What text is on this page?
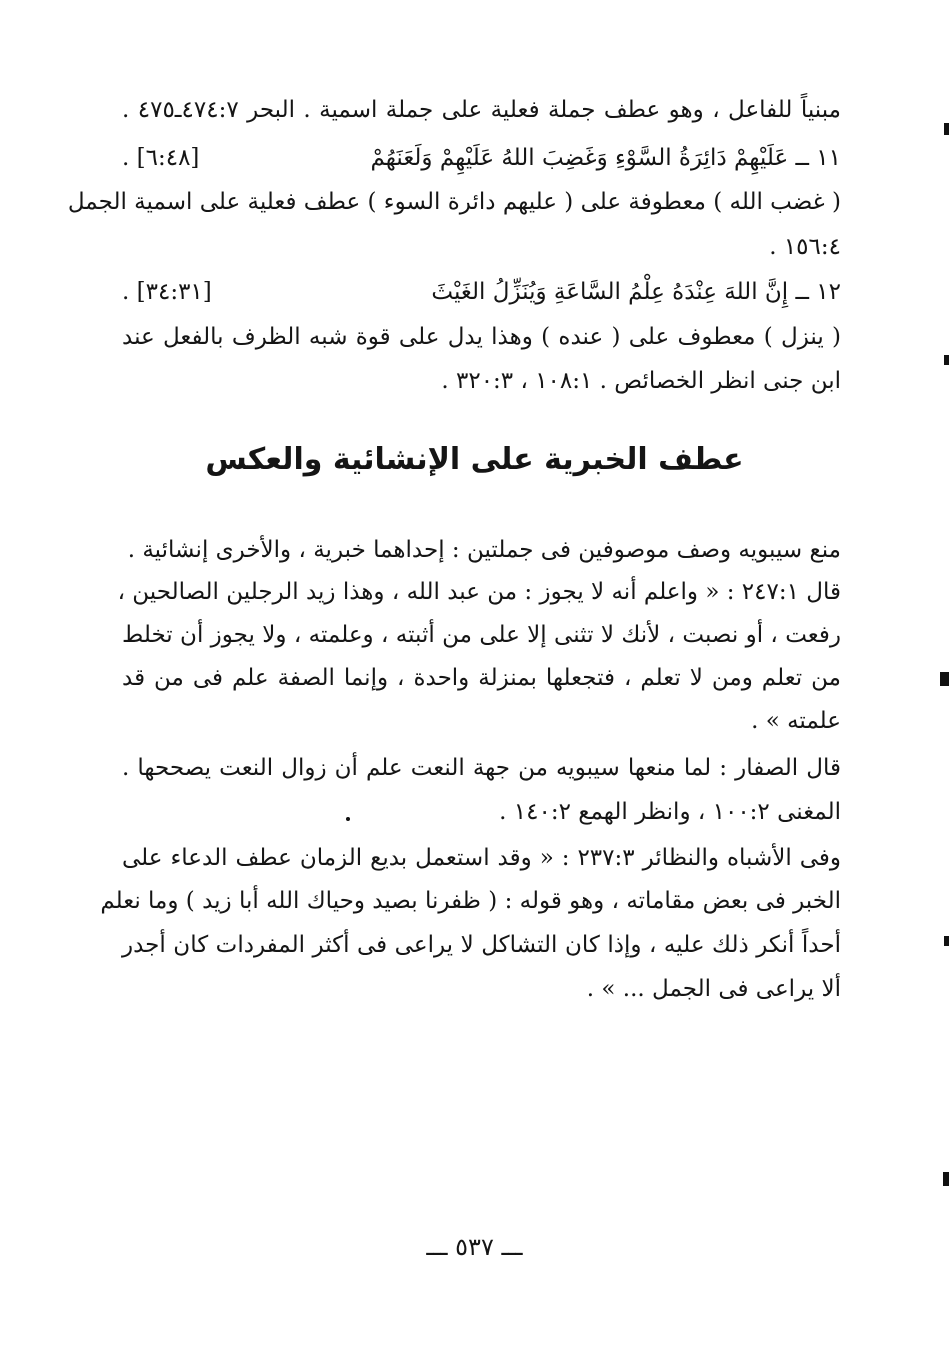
مبنياً للفاعل ، وهو عطف جملة فعلية على جملة اسمية . البحر ٤٧٤:٧ـ٤٧٥ .
١١ ــ عَلَيْهِمْ دَائِرَةُ السَّوْءِ وَغَضِبَ اللهُ عَلَيْهِمْ وَلَعَنَهُمْ
[٦:٤٨] .
( غضب الله ) معطوفة على ( عليهم دائرة السوء ) عطف فعلية على اسمية الجمل
١٥٦:٤ .
١٢ ــ إِنَّ اللهَ عِنْدَهُ عِلْمُ السَّاعَةِ وَيُنَزِّلُ الغَيْثَ
[٣٤:٣١] .
( ينزل ) معطوف على ( عنده ) وهذا يدل على قوة شبه الظرف بالفعل عند
ابن جنى انظر الخصائص . ١٠٨:١ ، ٣٢٠:٣ .
عطف الخبرية على الإنشائية والعكس
منع سيبويه وصف موصوفين فى جملتين : إحداهما خبرية ، والأخرى إنشائية .
قال ٢٤٧:١ : « واعلم أنه لا يجوز : من عبد الله ، وهذا زيد الرجلين الصالحين ،
رفعت ، أو نصبت ، لأنك لا تثنى إلا على من أثبته ، وعلمته ، ولا يجوز أن تخلط
من تعلم ومن لا تعلم ، فتجعلها بمنزلة واحدة ، وإنما الصفة علم فى من قد
علمته » .
قال الصفار : لما منعها سيبويه من جهة النعت علم أن زوال النعت يصححها .
المغنى ١٠٠:٢ ، وانظر الهمع ١٤٠:٢ .
وفى الأشباه والنظائر ٢٣٧:٣ : « وقد استعمل بديع الزمان عطف الدعاء على
الخبر فى بعض مقاماته ، وهو قوله : ( ظفرنا بصيد وحياك الله أبا زيد ) وما نعلم
أحداً أنكر ذلك عليه ، وإذا كان التشاكل لا يراعى فى أكثر المفردات كان أجدر
ألا يراعى فى الجمل ... » .
ـــ ٥٣٧ ـــ
